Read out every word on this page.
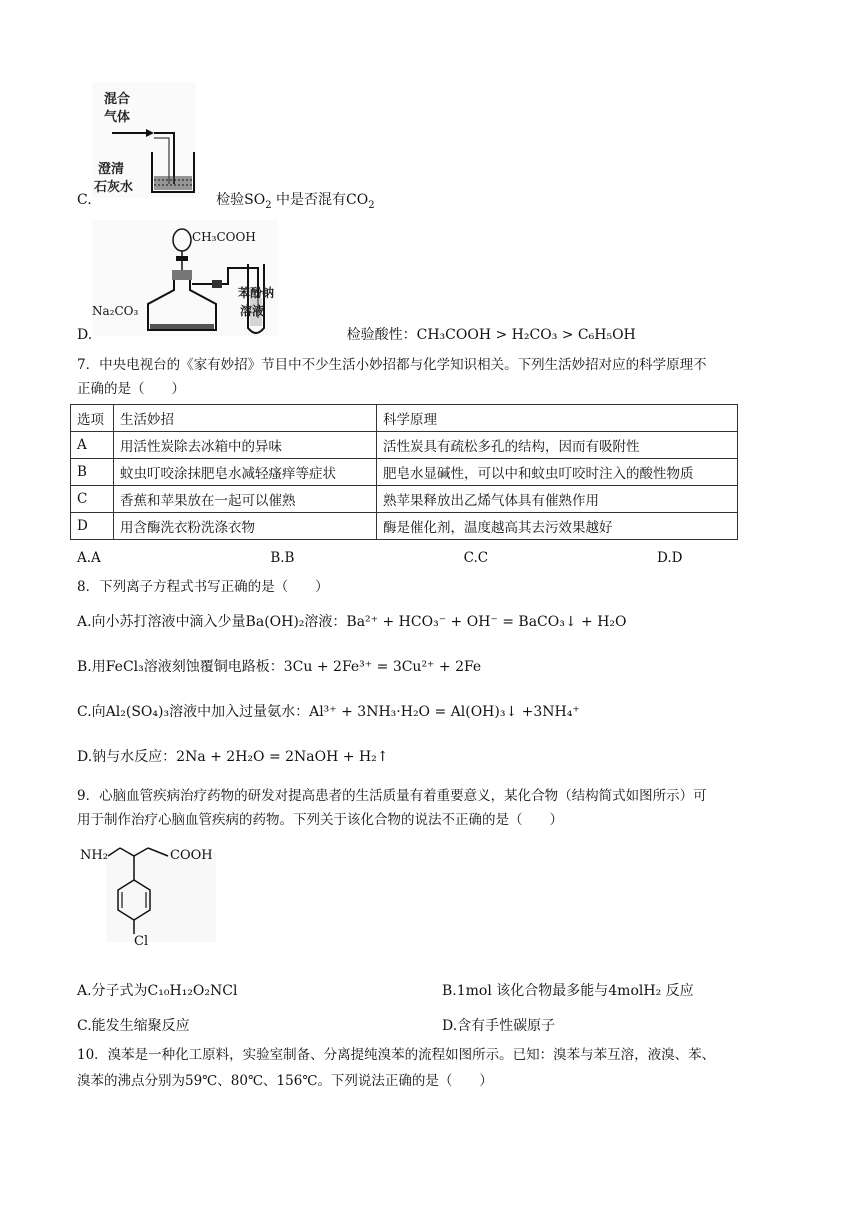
混合
气体
澄清
石灰水
C.	检验$SO_2$ 中是否混有$CO_2$
CH₃COOH
Na₂CO₃
苯酚钠
溶液
D.	检验酸性：CH₃COOH > H₂CO₃ > C₆H₅OH
7．中央电视台的《家有妙招》节目中不少生活小妙招都与化学知识相关。下列生活妙招对应的科学原理不
正确的是（　　）
选项	生活妙招	科学原理
A	用活性炭除去冰箱中的异味	活性炭具有疏松多孔的结构，因而有吸附性
B	蚊虫叮咬涂抹肥皂水减轻瘙痒等症状	肥皂水显碱性，可以中和蚊虫叮咬时注入的酸性物质
C	香蕉和苹果放在一起可以催熟	熟苹果释放出乙烯气体具有催熟作用
D	用含酶洗衣粉洗涤衣物	酶是催化剂，温度越高其去污效果越好
A.A	B.B	C.C	D.D
8．下列离子方程式书写正确的是（　　）
A.向小苏打溶液中滴入少量Ba(OH)₂溶液：Ba²⁺ + HCO₃⁻ + OH⁻ = BaCO₃↓ + H₂O
B.用FeCl₃溶液刻蚀覆铜电路板：3Cu + 2Fe³⁺ = 3Cu²⁺ + 2Fe
C.向Al₂(SO₄)₃溶液中加入过量氨水：Al³⁺ + 3NH₃·H₂O = Al(OH)₃↓ +3NH₄⁺
D.钠与水反应：2Na + 2H₂O = 2NaOH + H₂↑
9．心脑血管疾病治疗药物的研发对提高患者的生活质量有着重要意义，某化合物（结构简式如图所示）可
用于制作治疗心脑血管疾病的药物。下列关于该化合物的说法不正确的是（　　）
NH₂	COOH
Cl
A.分子式为C₁₀H₁₂O₂NCl	B.1mol 该化合物最多能与4molH₂ 反应
C.能发生缩聚反应	D.含有手性碳原子
10．溴苯是一种化工原料，实验室制备、分离提纯溴苯的流程如图所示。已知：溴苯与苯互溶，液溴、苯、
溴苯的沸点分别为59℃、80℃、156℃。下列说法正确的是（　　）
